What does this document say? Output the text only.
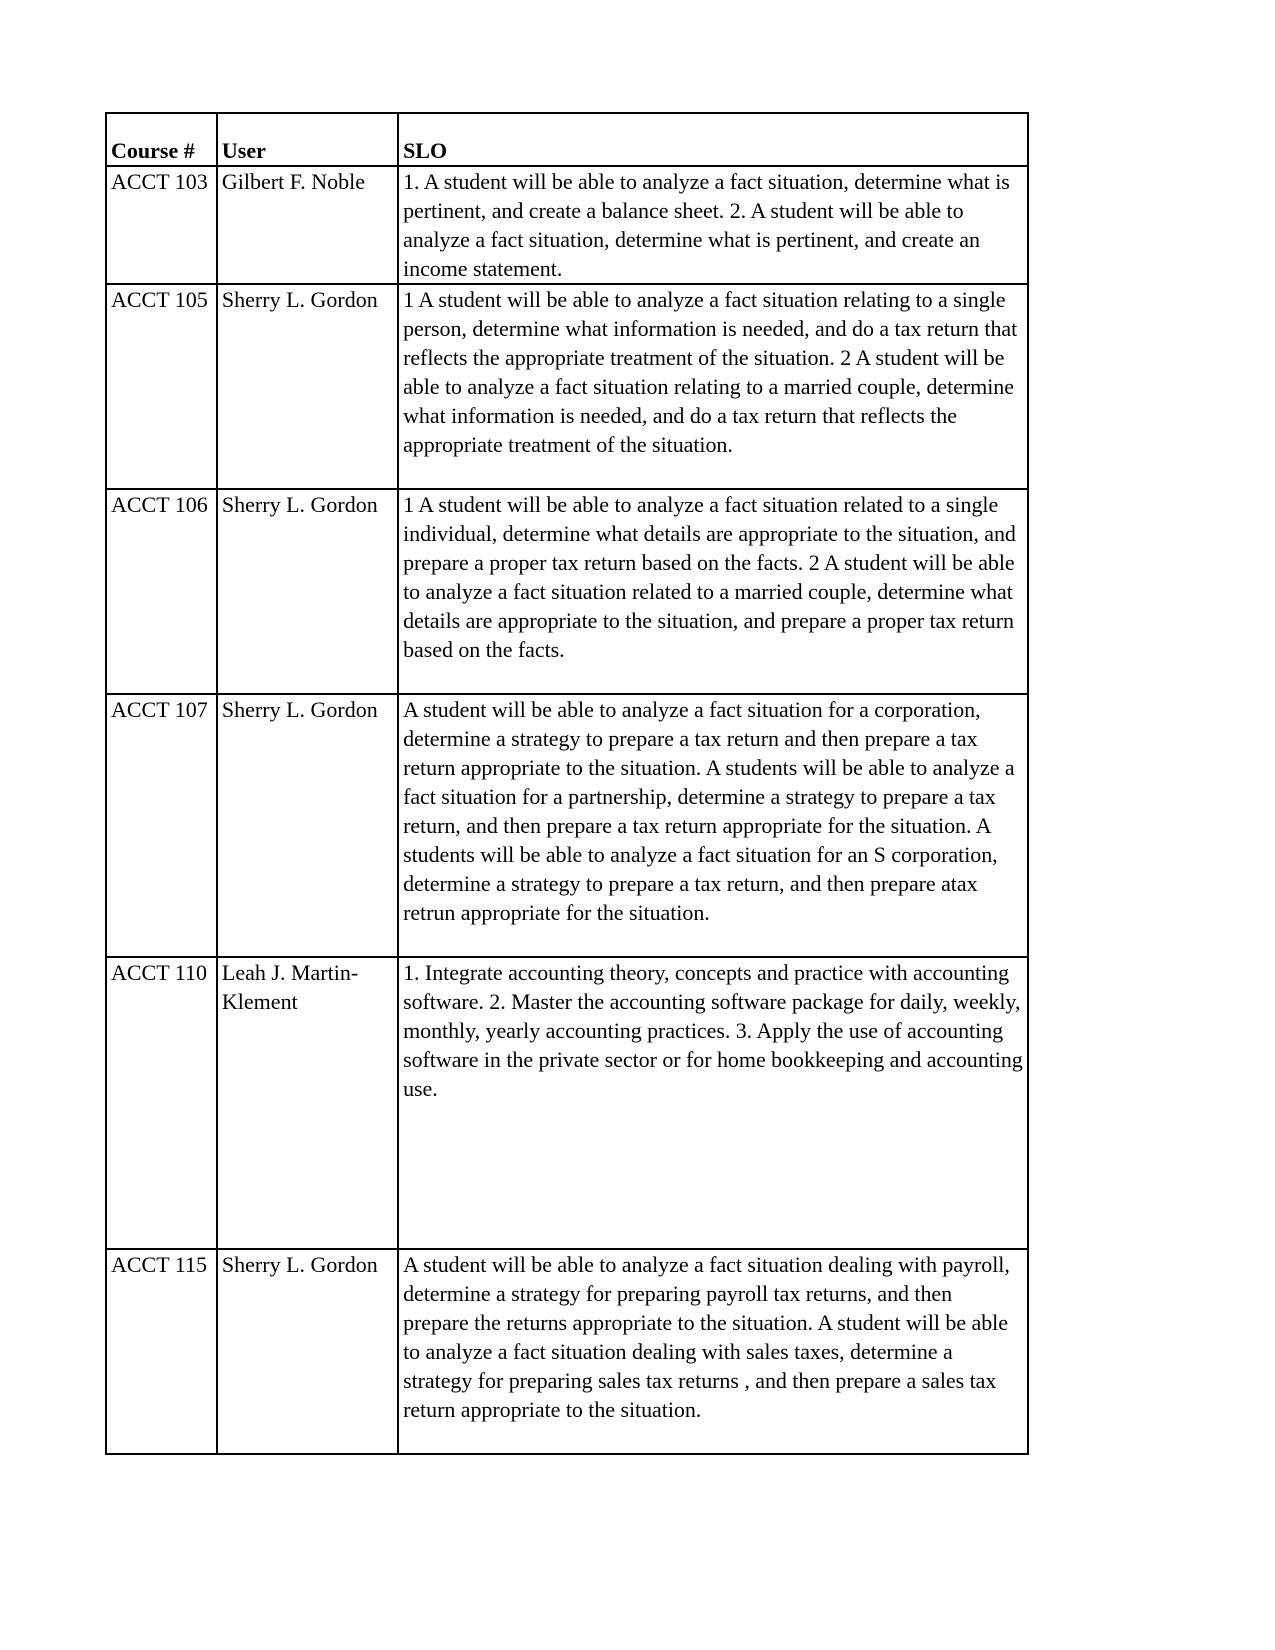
Course #	User	SLO
ACCT 103	Gilbert F. Noble	1. A student will be able to analyze a fact situation, determine what is pertinent, and create a balance sheet. 2. A student will be able to analyze a fact situation, determine what is pertinent, and create an income statement.
ACCT 105	Sherry L. Gordon	1 A student will be able to analyze a fact situation relating to a single person, determine what information is needed, and do a tax return that reflects the appropriate treatment of the situation. 2 A student will be able to analyze a fact situation relating to a married couple, determine what information is needed, and do a tax return that reflects the appropriate treatment of the situation.
ACCT 106	Sherry L. Gordon	1 A student will be able to analyze a fact situation related to a single individual, determine what details are appropriate to the situation, and prepare a proper tax return based on the facts. 2 A student will be able to analyze a fact situation related to a married couple, determine what details are appropriate to the situation, and prepare a proper tax return based on the facts.
ACCT 107	Sherry L. Gordon	A student will be able to analyze a fact situation for a corporation, determine a strategy to prepare a tax return and then prepare a tax return appropriate to the situation. A students will be able to analyze a fact situation for a partnership, determine a strategy to prepare a tax return, and then prepare a tax return appropriate for the situation. A students will be able to analyze a fact situation for an S corporation, determine a strategy to prepare a tax return, and then prepare atax retrun appropriate for the situation.
ACCT 110	Leah J. Martin-Klement	1. Integrate accounting theory, concepts and practice with accounting software. 2. Master the accounting software package for daily, weekly, monthly, yearly accounting practices. 3. Apply the use of accounting software in the private sector or for home bookkeeping and accounting use.
ACCT 115	Sherry L. Gordon	A student will be able to analyze a fact situation dealing with payroll, determine a strategy for preparing payroll tax returns, and then prepare the returns appropriate to the situation. A student will be able to analyze a fact situation dealing with sales taxes, determine a strategy for preparing sales tax returns , and then prepare a sales tax return appropriate to the situation.
